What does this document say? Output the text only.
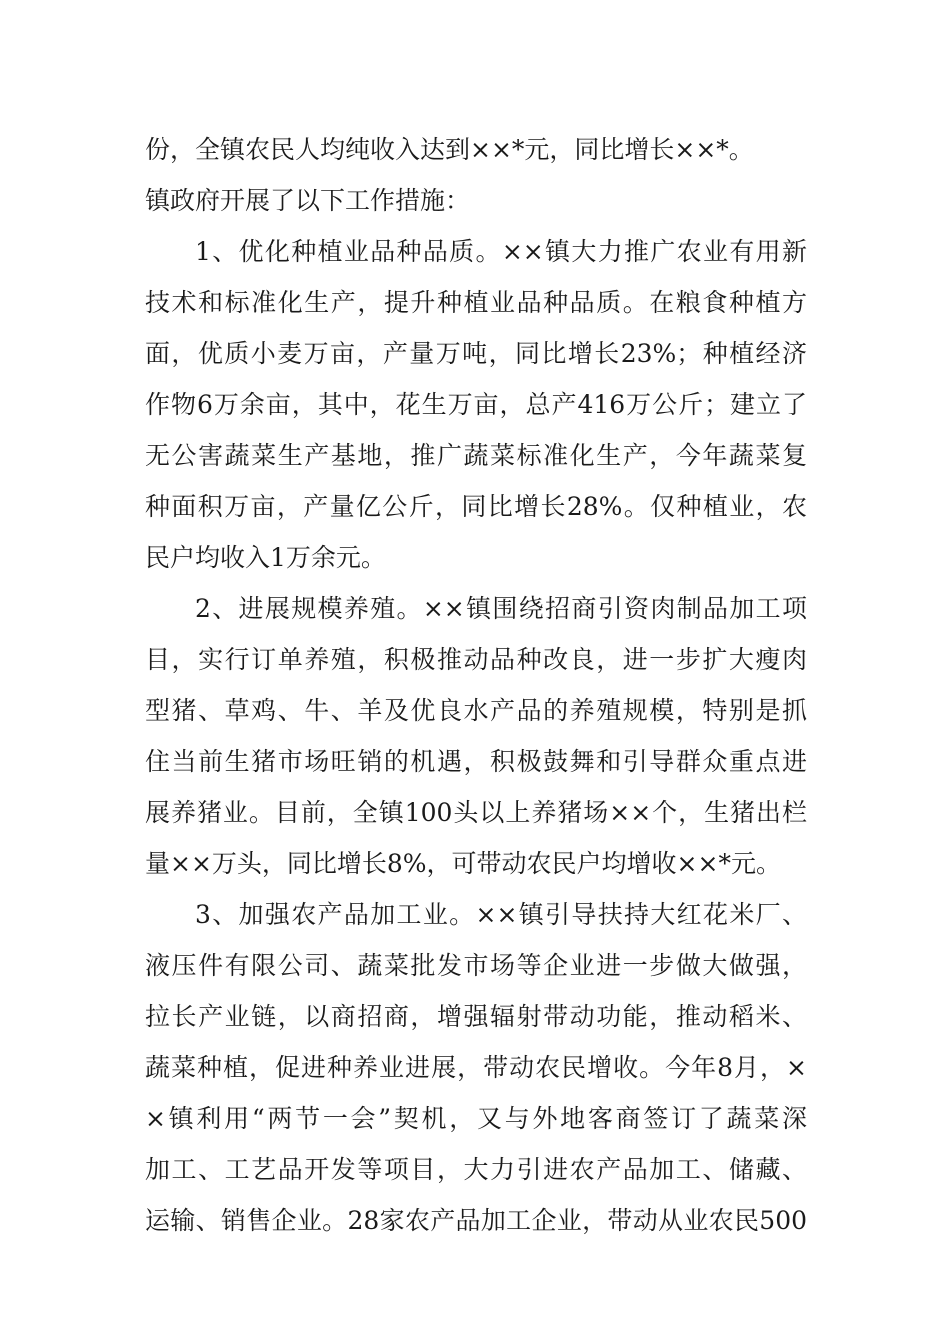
份，全镇农民人均纯收入达到××*元，同比增长××*。
镇政府开展了以下工作措施：
1、优化种植业品种品质。××镇大力推广农业有用新
技术和标准化生产，提升种植业品种品质。在粮食种植方
面，优质小麦万亩，产量万吨，同比增长23%；种植经济
作物6万余亩，其中，花生万亩，总产416万公斤；建立了
无公害蔬菜生产基地，推广蔬菜标准化生产，今年蔬菜复
种面积万亩，产量亿公斤，同比增长28%。仅种植业，农
民户均收入1万余元。
2、进展规模养殖。××镇围绕招商引资肉制品加工项
目，实行订单养殖，积极推动品种改良，进一步扩大瘦肉
型猪、草鸡、牛、羊及优良水产品的养殖规模，特别是抓
住当前生猪市场旺销的机遇，积极鼓舞和引导群众重点进
展养猪业。目前，全镇100头以上养猪场××个，生猪出栏
量××万头，同比增长8%，可带动农民户均增收××*元。
3、加强农产品加工业。××镇引导扶持大红花米厂、
液压件有限公司、蔬菜批发市场等企业进一步做大做强，
拉长产业链，以商招商，增强辐射带动功能，推动稻米、
蔬菜种植，促进种养业进展，带动农民增收。今年8月，×
×镇利用“两节一会”契机，又与外地客商签订了蔬菜深
加工、工艺品开发等项目，大力引进农产品加工、储藏、
运输、销售企业。28家农产品加工企业，带动从业农民500
